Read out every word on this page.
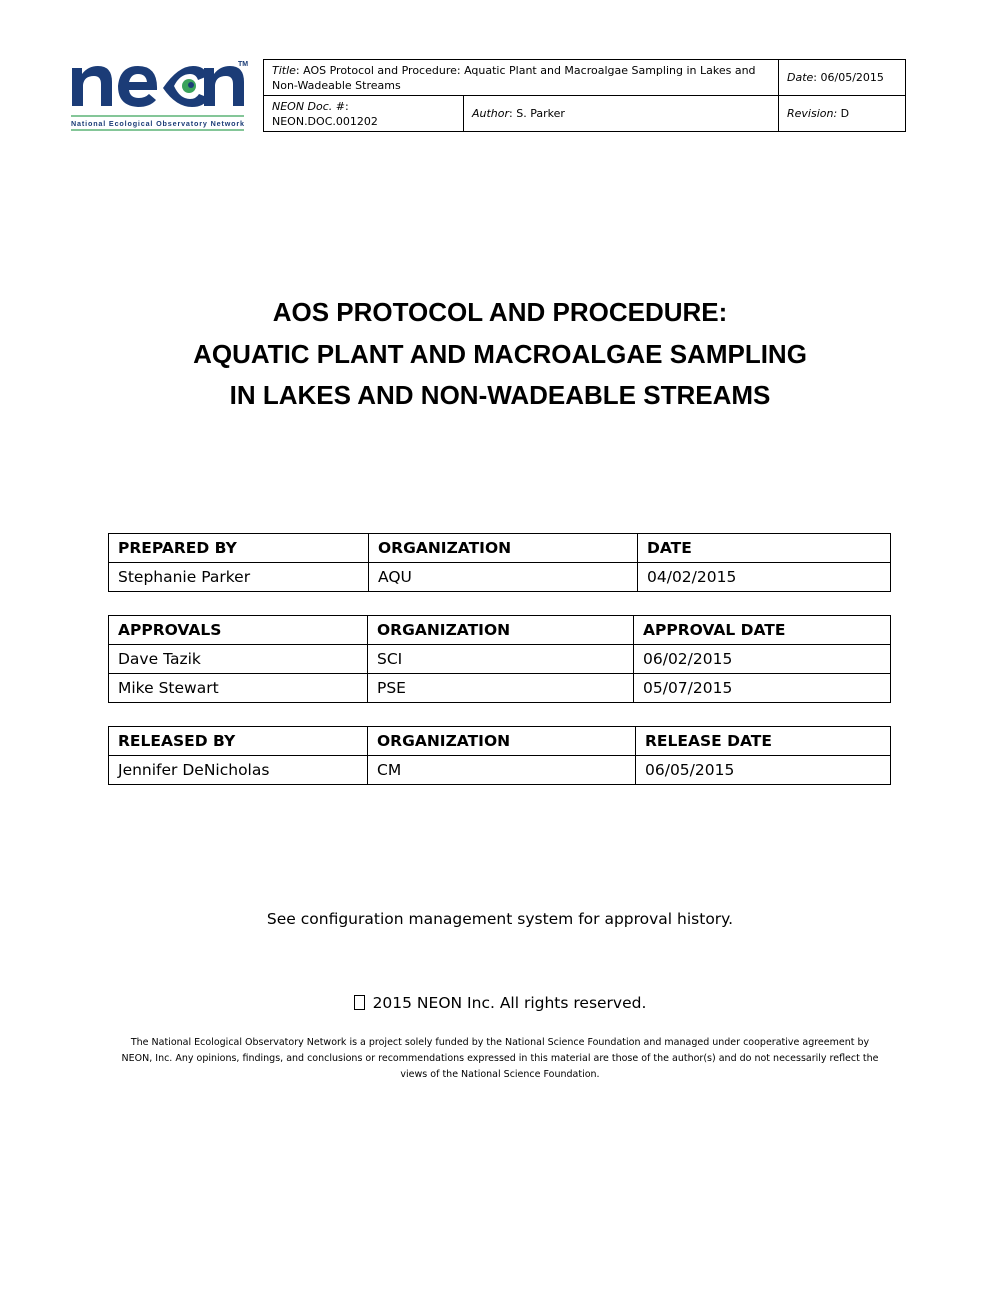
TM
National Ecological Observatory Network
Title: AOS Protocol and Procedure: Aquatic Plant and Macroalgae Sampling in Lakes and Non-Wadeable Streams		Date: 06/05/2015
NEON Doc. #: NEON.DOC.001202	Author: S. Parker	Revision: D
AOS PROTOCOL AND PROCEDURE:
AQUATIC PLANT AND MACROALGAE SAMPLING
IN LAKES AND NON-WADEABLE STREAMS
PREPARED BY	ORGANIZATION	DATE
Stephanie Parker	AQU	04/02/2015
APPROVALS	ORGANIZATION	APPROVAL DATE
Dave Tazik	SCI	06/02/2015
Mike Stewart	PSE	05/07/2015
RELEASED BY	ORGANIZATION	RELEASE DATE
Jennifer DeNicholas	CM	06/05/2015
See configuration management system for approval history.
2015 NEON Inc. All rights reserved.
The National Ecological Observatory Network is a project solely funded by the National Science Foundation and managed under cooperative agreement by NEON, Inc. Any opinions, findings, and conclusions or recommendations expressed in this material are those of the author(s) and do not necessarily reflect the views of the National Science Foundation.
